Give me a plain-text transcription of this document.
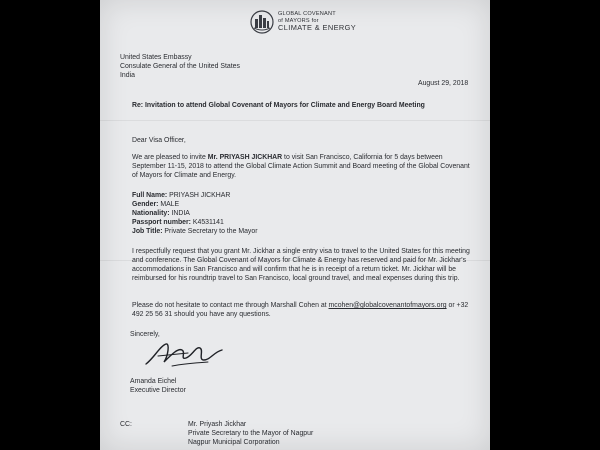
GLOBAL COVENANT
of MAYORS for
CLIMATE & ENERGY
United States Embassy
Consulate General of the United States
India
August 29, 2018
Re: Invitation to attend Global Covenant of Mayors for Climate and Energy Board Meeting
Dear Visa Officer,
We are pleased to invite Mr. PRIYASH JICKHAR to visit San Francisco, California for 5 days between September 11-15, 2018 to attend the Global Climate Action Summit and Board meeting of the Global Covenant of Mayors for Climate and Energy.
Full Name: PRIYASH JICKHAR
Gender: MALE
Nationality: INDIA
Passport number: K4531141
Job Title: Private Secretary to the Mayor
I respectfully request that you grant Mr. Jickhar a single entry visa to travel to the United States for this meeting and conference. The Global Covenant of Mayors for Climate & Energy has reserved and paid for Mr. Jickhar's accommodations in San Francisco and will confirm that he is in receipt of a return ticket. Mr. Jickhar will be reimbursed for his roundtrip travel to San Francisco, local ground travel, and meal expenses during this trip.
Please do not hesitate to contact me through Marshall Cohen at mcohen@globalcovenantofmayors.org or +32 492 25 56 31 should you have any questions.
Sincerely,
Amanda Eichel
Executive Director
CC:	Mr. Priyash Jickhar
Private Secretary to the Mayor of Nagpur
Nagpur Municipal Corporation
